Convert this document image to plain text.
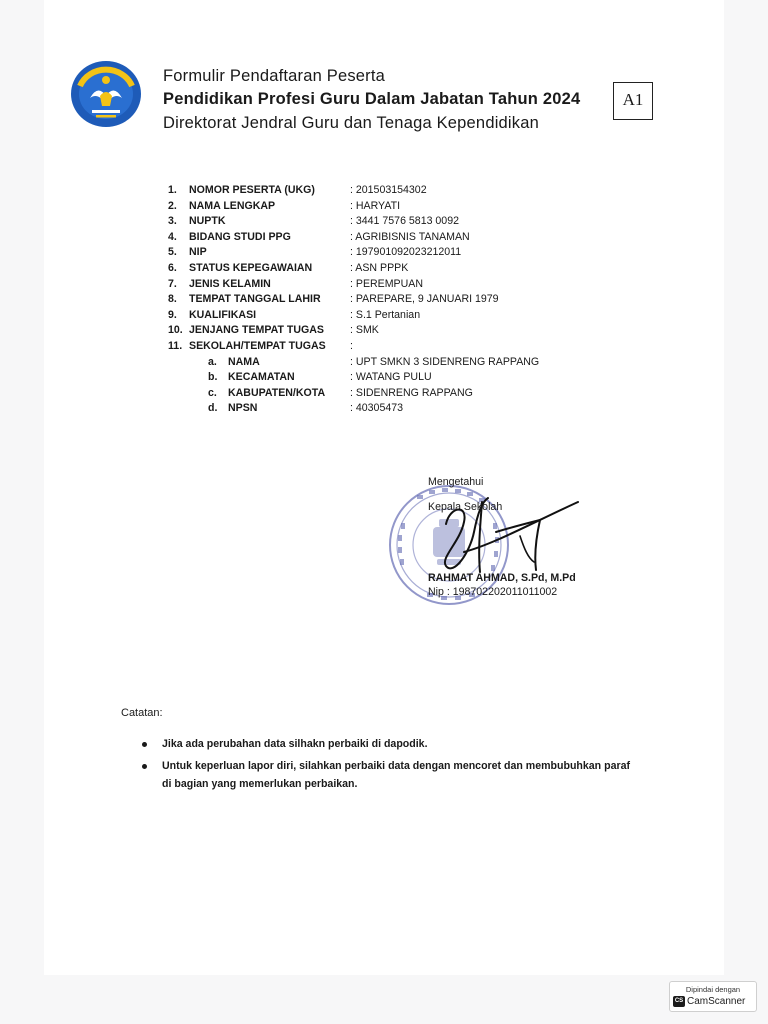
Formulir Pendaftaran Peserta
Pendidikan Profesi Guru Dalam Jabatan Tahun 2024
Direktorat Jendral Guru dan Tenaga Kependidikan
A1
1.	NOMOR PESERTA (UKG)	: 201503154302
2.	NAMA LENGKAP	: HARYATI
3.	NUPTK	: 3441 7576 5813 0092
4.	BIDANG STUDI PPG	: AGRIBISNIS TANAMAN
5.	NIP	: 197901092023212011
6.	STATUS KEPEGAWAIAN	: ASN PPPK
7.	JENIS KELAMIN	: PEREMPUAN
8.	TEMPAT TANGGAL LAHIR	: PAREPARE, 9 JANUARI 1979
9.	KUALIFIKASI	: S.1 Pertanian
10. JENJANG TEMPAT TUGAS : SMK
11. SEKOLAH/TEMPAT TUGAS :
a.	NAMA	: UPT SMKN 3 SIDENRENG RAPPANG
b. KECAMATAN	: WATANG PULU
c.	KABUPATEN/KOTA : SIDENRENG RAPPANG
d. NPSN	: 40305473
Mengetahui
Kepala Sekolah
RAHMAT AHMAD, S.Pd, M.Pd
Nip : 198702202011011002
Catatan:
Jika ada perubahan data silhakn perbaiki di dapodik.
Untuk keperluan lapor diri, silahkan perbaiki data dengan mencoret dan membubuhkan paraf di bagian yang memerlukan perbaikan.
Dipindai dengan
CS CamScanner
